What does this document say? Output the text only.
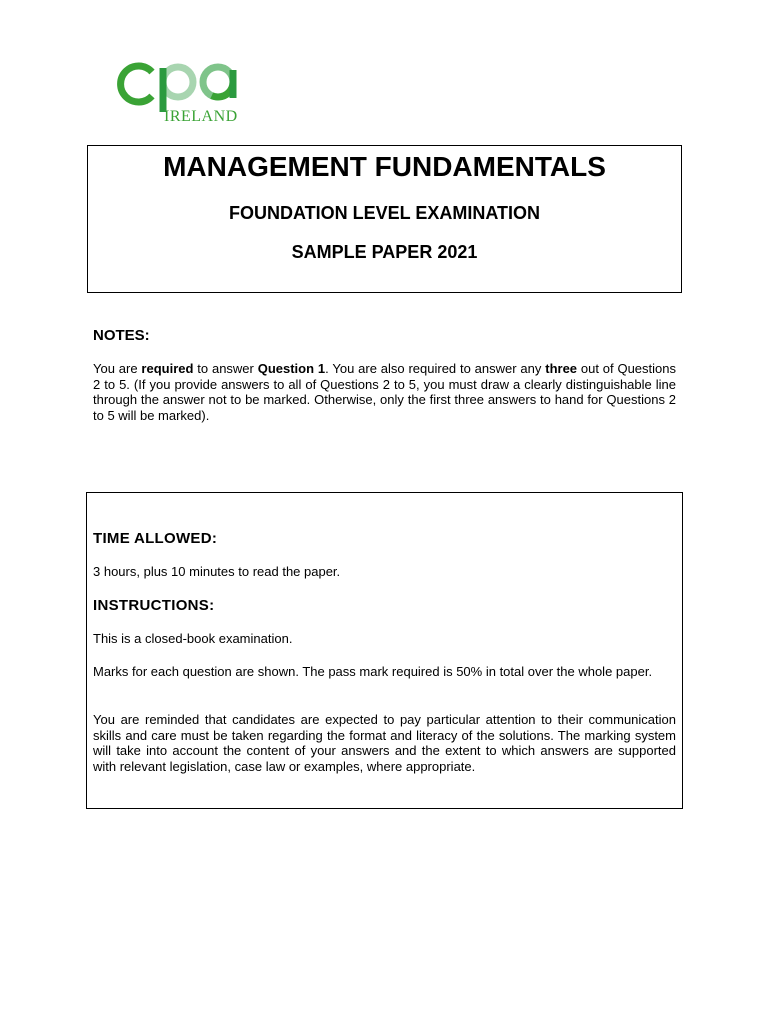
IRELAND
MANAGEMENT FUNDAMENTALS
FOUNDATION LEVEL EXAMINATION
SAMPLE PAPER 2021
NOTES:
You are required to answer Question 1. You are also required to answer any three out of Questions 2 to 5. (If you provide answers to all of Questions 2 to 5, you must draw a clearly distinguishable line through the answer not to be marked. Otherwise, only the first three answers to hand for Questions 2 to 5 will be marked).
TIME ALLOWED:
3 hours, plus 10 minutes to read the paper.
INSTRUCTIONS:
This is a closed-book examination.
Marks for each question are shown. The pass mark required is 50% in total over the whole paper.
You are reminded that candidates are expected to pay particular attention to their communication skills and care must be taken regarding the format and literacy of the solutions. The marking system will take into account the content of your answers and the extent to which answers are supported with relevant legislation, case law or examples, where appropriate.
